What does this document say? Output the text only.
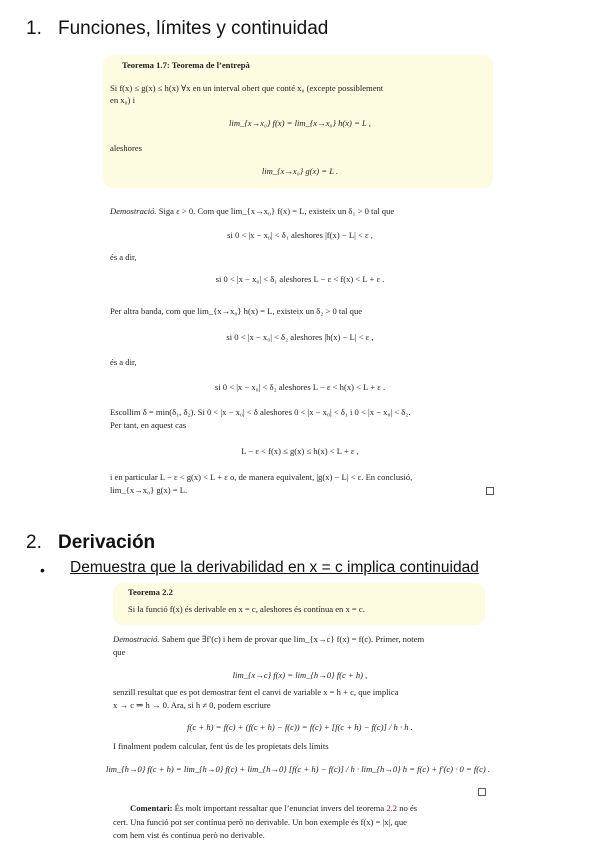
1. Funciones, límites y continuidad
Teorema 1.7: Teorema de l’entrepà
Si f(x) ≤ g(x) ≤ h(x) ∀x en un interval obert que conté x₀ (excepte possiblement
en x₀) i
lim_{x→x₀} f(x) = lim_{x→x₀} h(x) = L ,
aleshores
lim_{x→x₀} g(x) = L .
Demostració. Siga ε > 0. Com que lim_{x→x₀} f(x) = L, existeix un δ₁ > 0 tal que
si 0 < |x − x₀| < δ₁ aleshores |f(x) − L| < ε ,
és a dir,
si 0 < |x − x₀| < δ₁ aleshores L − ε < f(x) < L + ε .
Per altra banda, com que lim_{x→x₀} h(x) = L, existeix un δ₂ > 0 tal que
si 0 < |x − x₀| < δ₂ aleshores |h(x) − L| < ε ,
és a dir,
si 0 < |x − x₀| < δ₂ aleshores L − ε < h(x) < L + ε .
Escollim δ = min(δ₁, δ₂). Si 0 < |x − x₀| < δ aleshores 0 < |x − x₀| < δ₁ i 0 < |x − x₀| < δ₂.
Per tant, en aquest cas
L − ε < f(x) ≤ g(x) ≤ h(x) < L + ε ,
i en particular L − ε < g(x) < L + ε o, de manera equivalent, |g(x) − L| < ε. En conclusió,
lim_{x→x₀} g(x) = L.
2. Derivación
• Demuestra que la derivabilidad en x = c implica continuidad
Teorema 2.2
Si la funció f(x) és derivable en x = c, aleshores és contínua en x = c.
Demostració. Sabem que ∃f′(c) i hem de provar que lim_{x→c} f(x) = f(c). Primer, notem
que
lim_{x→c} f(x) = lim_{h→0} f(c + h) ,
senzill resultat que es pot demostrar fent el canvi de variable x = h + c, que implica
x → c ⇒ h → 0. Ara, si h ≠ 0, podem escriure
f(c + h) = f(c) + (f(c + h) − f(c)) = f(c) + [f(c + h) − f(c)] / h · h .
I finalment podem calcular, fent ús de les propietats dels límits
lim_{h→0} f(c + h) = lim_{h→0} f(c) + lim_{h→0} [f(c + h) − f(c)] / h · lim_{h→0} h = f(c) + f′(c) · 0 = f(c) .
Comentari: És molt important ressaltar que l’enunciat invers del teorema 2.2 no és
cert. Una funció pot ser contínua però no derivable. Un bon exemple és f(x) = |x|, que
com hem vist és contínua però no derivable.
